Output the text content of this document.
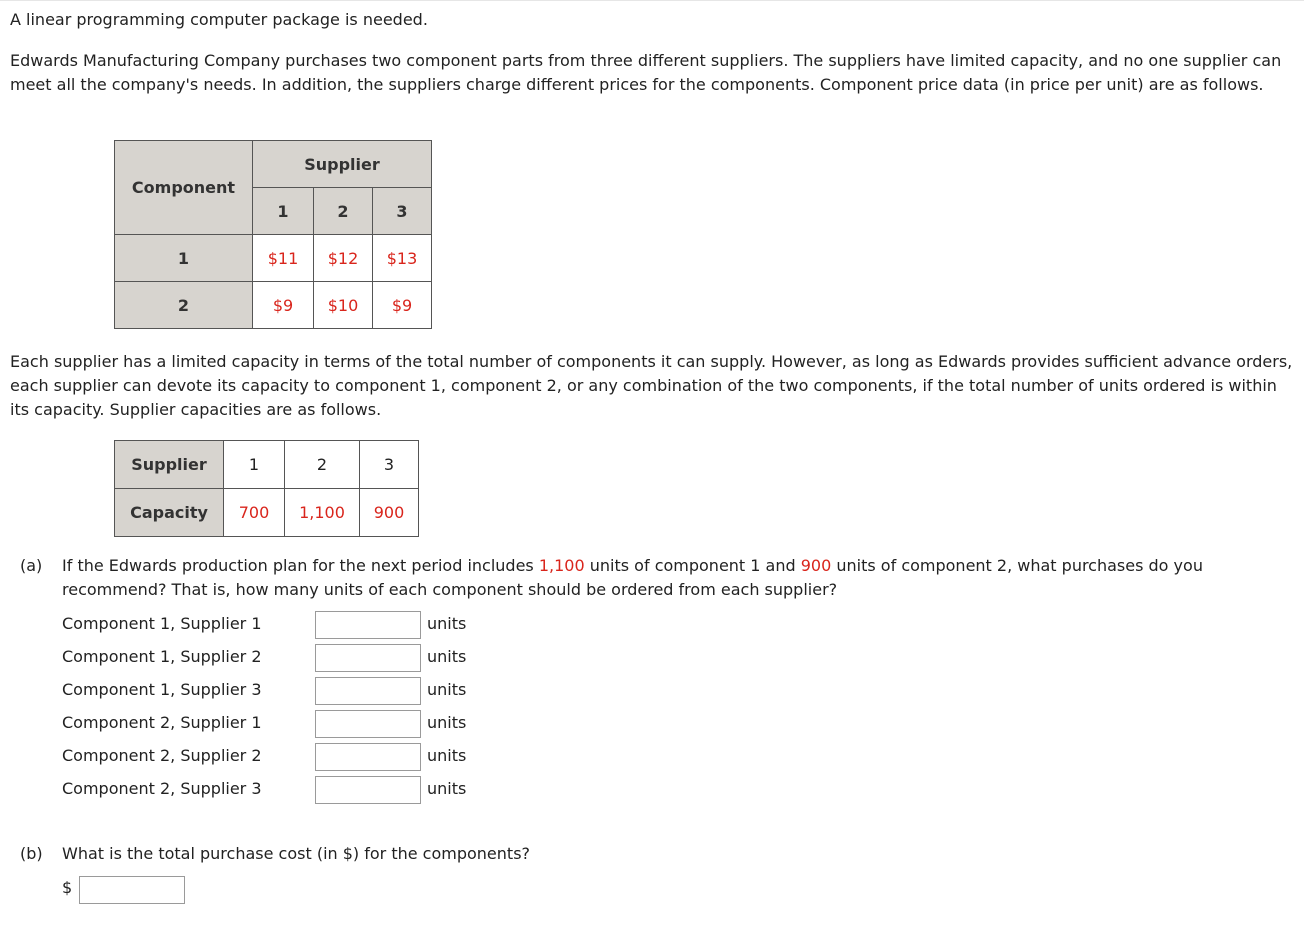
A linear programming computer package is needed.

Edwards Manufacturing Company purchases two component parts from three different suppliers. The suppliers have limited capacity, and no one supplier can meet all the company's needs. In addition, the suppliers charge different prices for the components. Component price data (in price per unit) are as follows.

Component	Supplier		
	1	2	3
1	$11	$12	$13
2	$9	$10	$9

Each supplier has a limited capacity in terms of the total number of components it can supply. However, as long as Edwards provides sufficient advance orders, each supplier can devote its capacity to component 1, component 2, or any combination of the two components, if the total number of units ordered is within its capacity. Supplier capacities are as follows.

Supplier	1	2	3
Capacity	700	1,100	900
(a) If the Edwards production plan for the next period includes 1,100 units of component 1 and 900 units of component 2, what purchases do you recommend? That is, how many units of each component should be ordered from each supplier?
Component 1, Supplier 1	units
Component 1, Supplier 2	units
Component 1, Supplier 3	units
Component 2, Supplier 1	units
Component 2, Supplier 2	units
Component 2, Supplier 3	units
(b) What is the total purchase cost (in $) for the components?
$
